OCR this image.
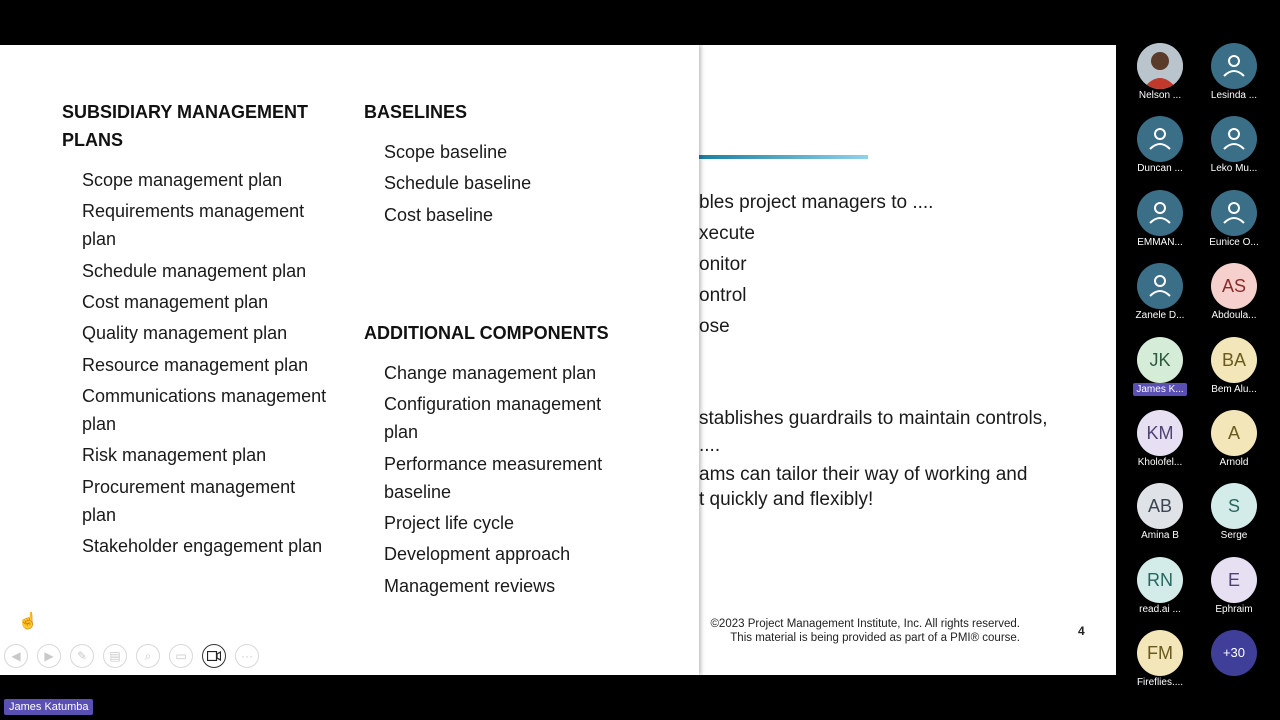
bles project managers to ....
xecute
onitor
ontrol
ose
stablishes guardrails to maintain controls,
....
ams can tailor their way of working and
t quickly and flexibly!
©2023 Project Management Institute, Inc. All rights reserved.
This material is being provided as part of a PMI® course.	4
SUBSIDIARY MANAGEMENT
PLANS
Scope management plan
Requirements management
plan
Schedule management plan
Cost management plan
Quality management plan
Resource management plan
Communications management
plan
Risk management plan
Procurement management
plan
Stakeholder engagement plan
BASELINES
Scope baseline
Schedule baseline
Cost baseline
ADDITIONAL COMPONENTS
Change management plan
Configuration management
plan
Performance measurement
baseline
Project life cycle
Development approach
Management reviews
☝
◀	▶	✎	▤	⌕	▭	···
Nelson ...	Lesinda ...
Duncan ...	Leko Mu...
EMMAN...	Eunice O...
Zanele D...
AS
Abdoula...
JK
James K...
BA
Bem Alu...
KM
Kholofel...
A
Arnold
AB
Amina B
S
Serge
RN
read.ai ...
E
Ephraim
FM
Fireflies....
+30
James Katumba
